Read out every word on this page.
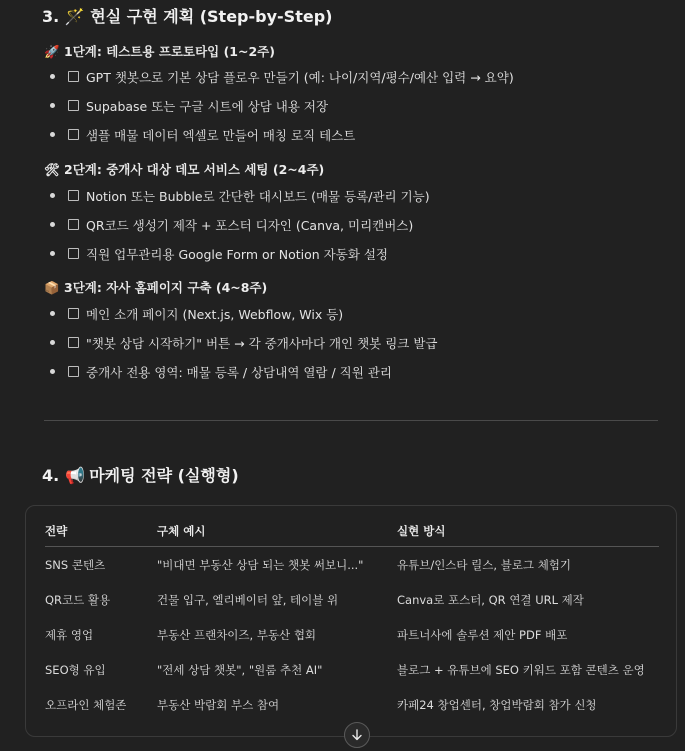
3. 🪄 현실 구현 계획 (Step-by-Step)
🚀 1단계: 테스트용 프로토타입 (1~2주)
GPT 챗봇으로 기본 상담 플로우 만들기 (예: 나이/지역/평수/예산 입력 → 요약)
Supabase 또는 구글 시트에 상담 내용 저장
샘플 매물 데이터 엑셀로 만들어 매칭 로직 테스트
🛠 2단계: 중개사 대상 데모 서비스 세팅 (2~4주)
Notion 또는 Bubble로 간단한 대시보드 (매물 등록/관리 기능)
QR코드 생성기 제작 + 포스터 디자인 (Canva, 미리캔버스)
직원 업무관리용 Google Form or Notion 자동화 설정
📦 3단계: 자사 홈페이지 구축 (4~8주)
메인 소개 페이지 (Next.js, Webflow, Wix 등)
"챗봇 상담 시작하기" 버튼 → 각 중개사마다 개인 챗봇 링크 발급
중개사 전용 영역: 매물 등록 / 상담내역 열람 / 직원 관리
4. 📢 마케팅 전략 (실행형)
전략	구체 예시	실현 방식
SNS 콘텐츠	"비대면 부동산 상담 되는 챗봇 써보니..."	유튜브/인스타 릴스, 블로그 체험기
QR코드 활용	건물 입구, 엘리베이터 앞, 테이블 위	Canva로 포스터, QR 연결 URL 제작
제휴 영업	부동산 프랜차이즈, 부동산 협회	파트너사에 솔루션 제안 PDF 배포
SEO형 유입	"전세 상담 챗봇", "원룸 추천 AI"	블로그 + 유튜브에 SEO 키워드 포함 콘텐츠 운영
오프라인 체험존	부동산 박람회 부스 참여	카페24 창업센터, 창업박람회 참가 신청
